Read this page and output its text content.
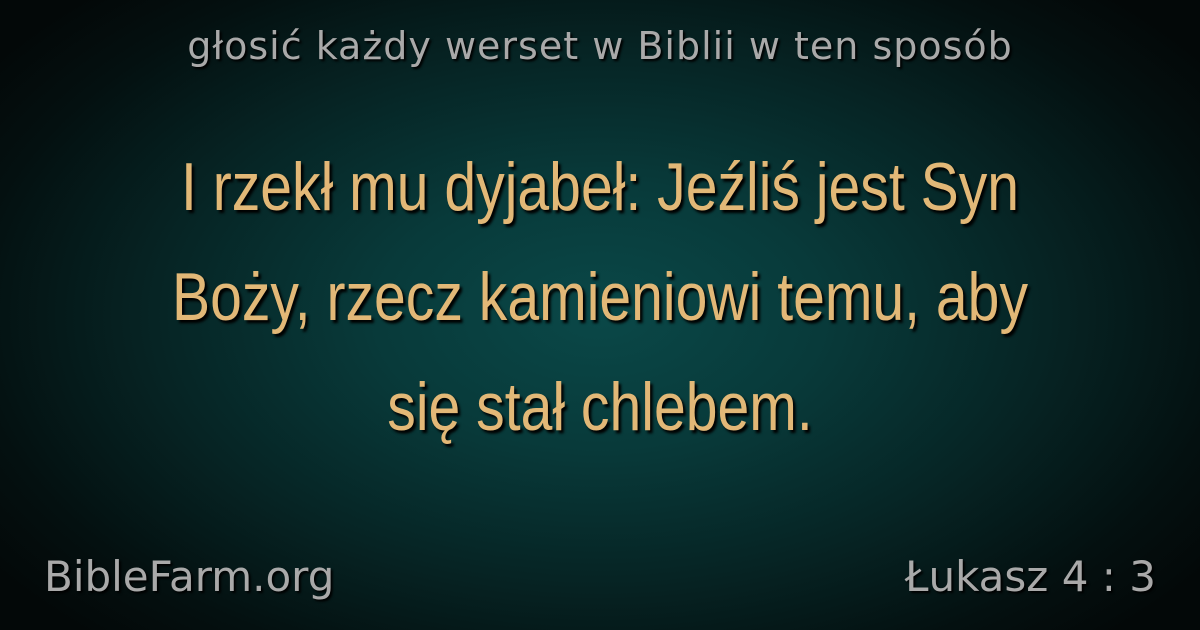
głosić każdy werset w Biblii w ten sposób
I rzekł mu dyjabeł: Jeźliś jest Syn Boży, rzecz kamieniowi temu, aby się stał chlebem.
BibleFarm.org	Łukasz 4 : 3
